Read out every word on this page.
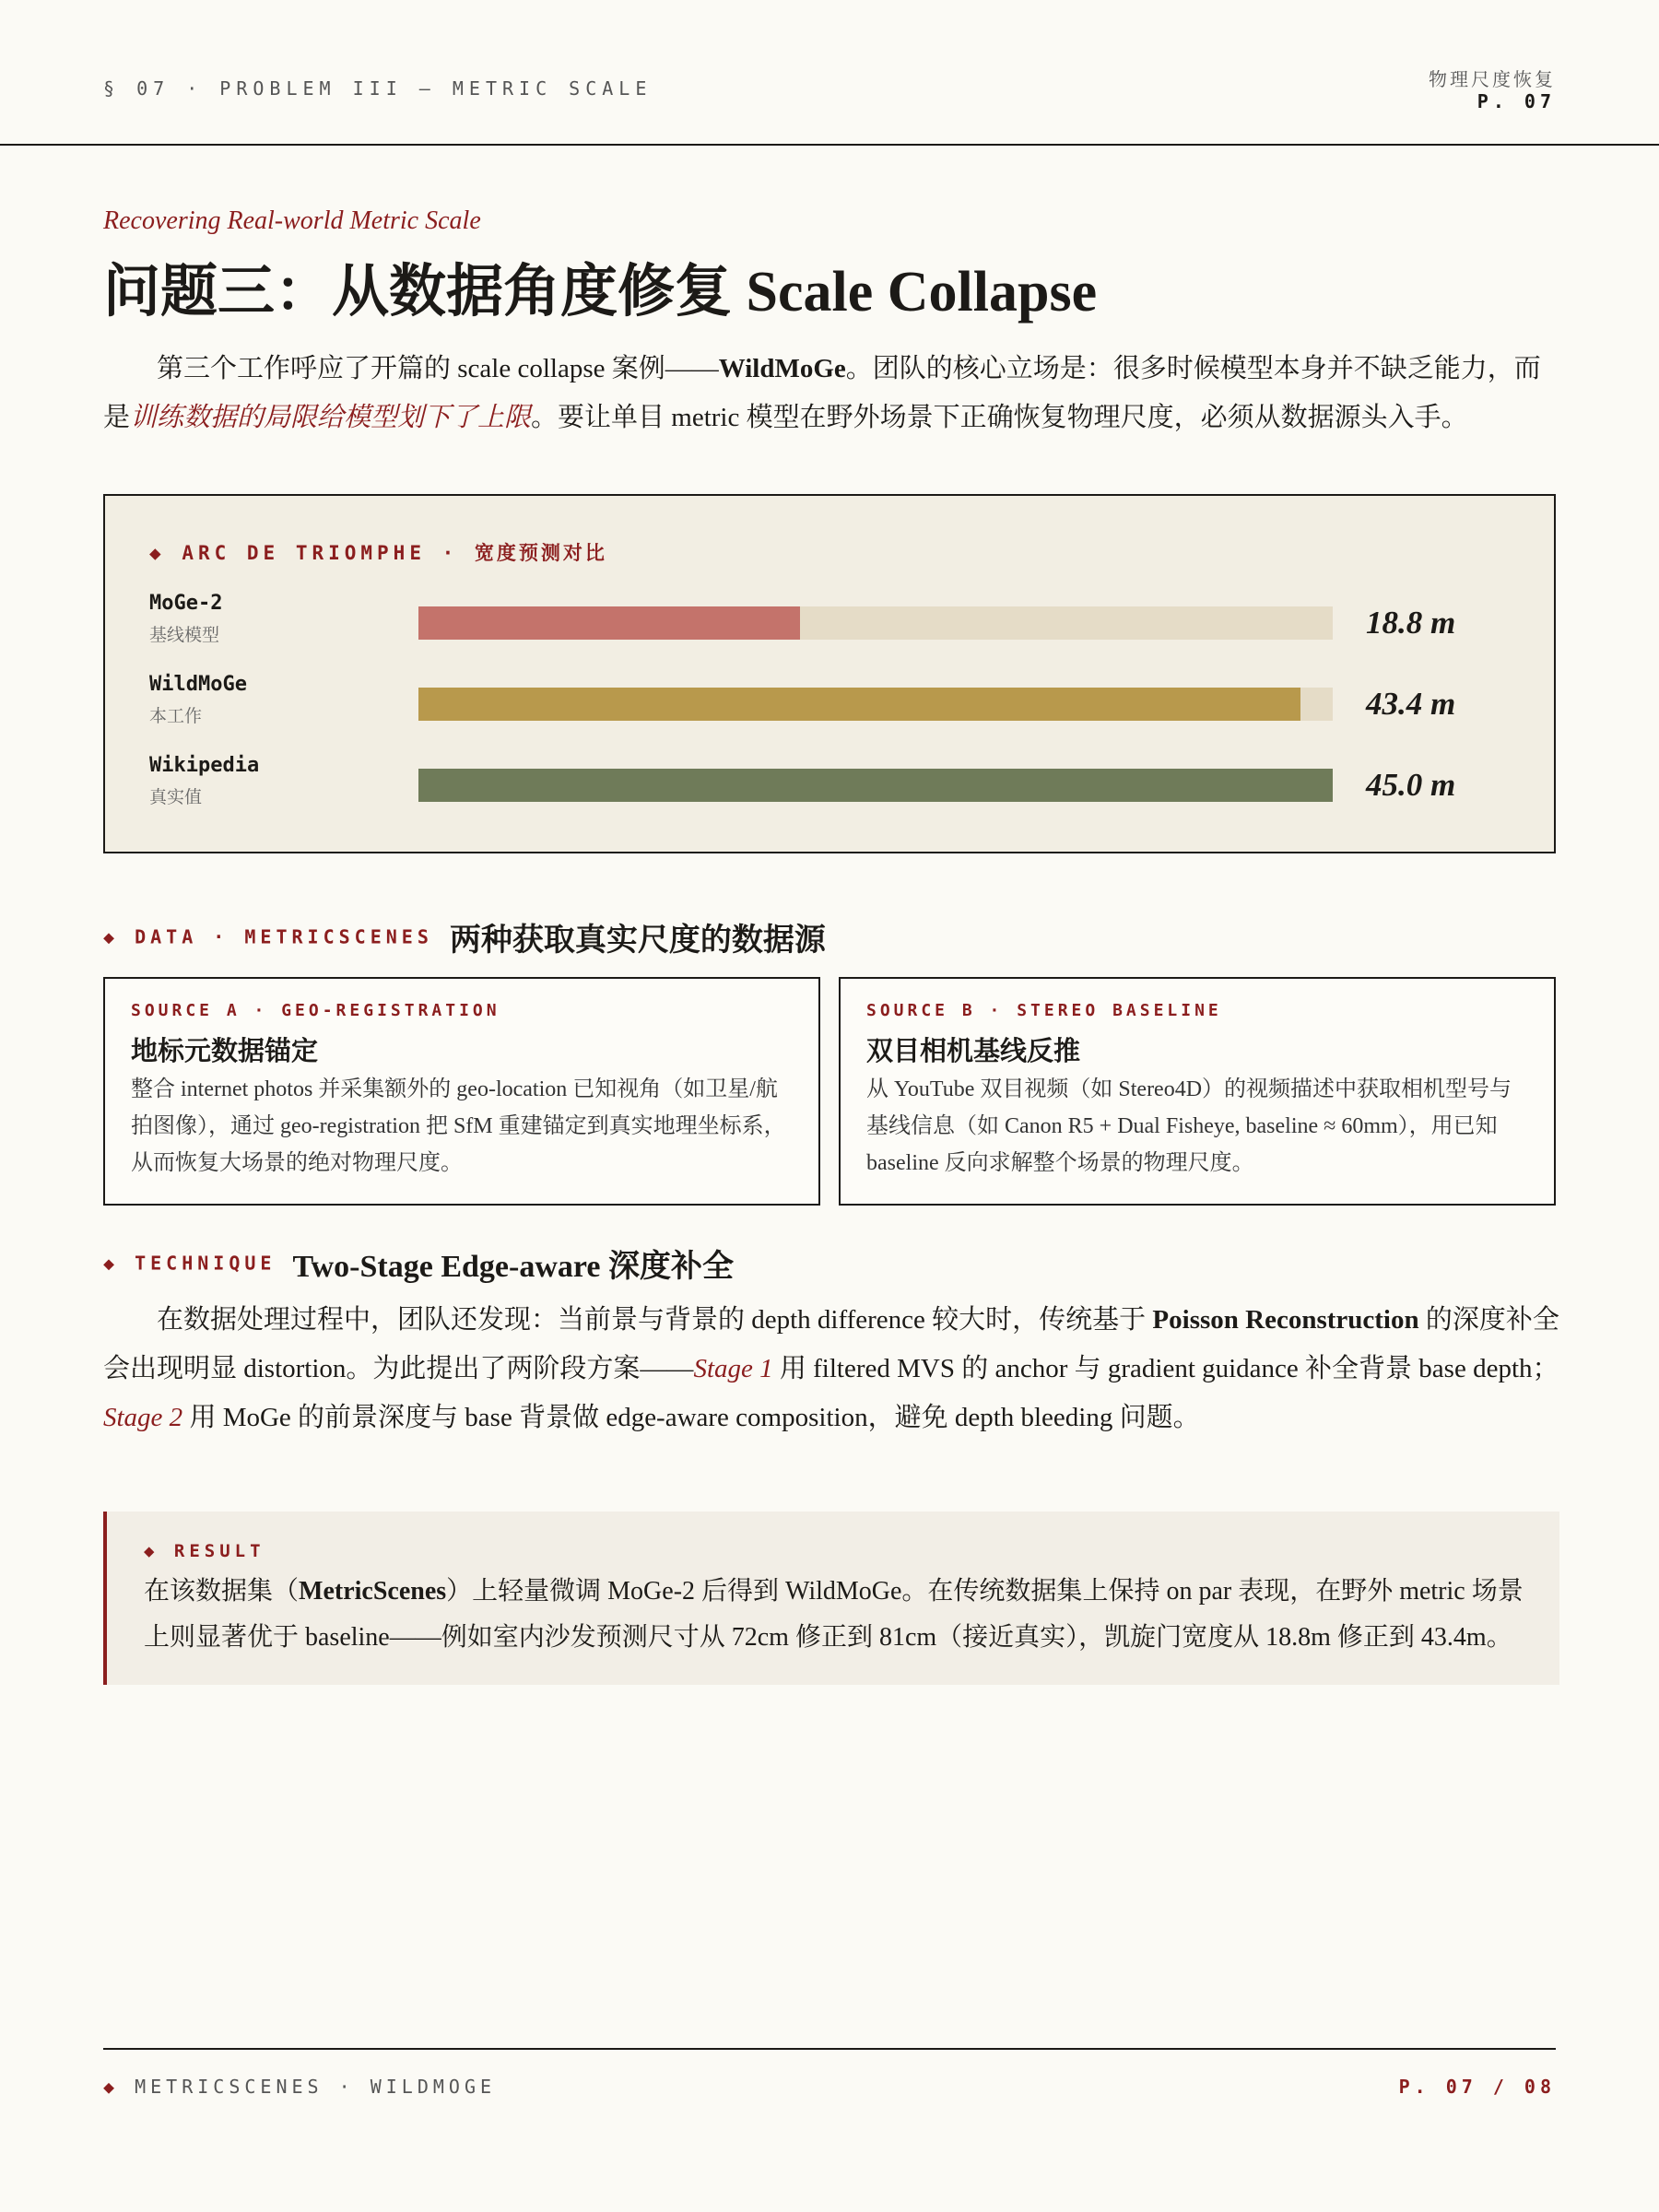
§ 07 · PROBLEM III — METRIC SCALE	物理尺度恢复
P. 07
Recovering Real-world Metric Scale
问题三：从数据角度修复 Scale Collapse
第三个工作呼应了开篇的 scale collapse 案例——WildMoGe。团队的核心立场是：很多时候模型本身并不缺乏能力，而是训练数据的局限给模型划下了上限。要让单目 metric 模型在野外场景下正确恢复物理尺度，必须从数据源头入手。
◆ ARC DE TRIOMPHE · 宽度预测对比
MoGe-2
基线模型	18.8 m
WildMoGe
本工作	43.4 m
Wikipedia
真实值	45.0 m
◆ DATA · METRICSCENES 两种获取真实尺度的数据源
SOURCE A · GEO-REGISTRATION
地标元数据锚定
整合 internet photos 并采集额外的 geo-location 已知视角（如卫星/航拍图像），通过 geo-registration 把 SfM 重建锚定到真实地理坐标系，从而恢复大场景的绝对物理尺度。
SOURCE B · STEREO BASELINE
双目相机基线反推
从 YouTube 双目视频（如 Stereo4D）的视频描述中获取相机型号与基线信息（如 Canon R5 + Dual Fisheye, baseline ≈ 60mm），用已知 baseline 反向求解整个场景的物理尺度。
◆ TECHNIQUE Two-Stage Edge-aware 深度补全
在数据处理过程中，团队还发现：当前景与背景的 depth difference 较大时，传统基于 Poisson Reconstruction 的深度补全会出现明显 distortion。为此提出了两阶段方案——Stage 1 用 filtered MVS 的 anchor 与 gradient guidance 补全背景 base depth；Stage 2 用 MoGe 的前景深度与 base 背景做 edge-aware composition，避免 depth bleeding 问题。
◆ RESULT
在该数据集（MetricScenes）上轻量微调 MoGe-2 后得到 WildMoGe。在传统数据集上保持 on par 表现，在野外 metric 场景上则显著优于 baseline——例如室内沙发预测尺寸从 72cm 修正到 81cm（接近真实），凯旋门宽度从 18.8m 修正到 43.4m。
◆ METRICSCENES · WILDMOGE	P. 07 / 08
